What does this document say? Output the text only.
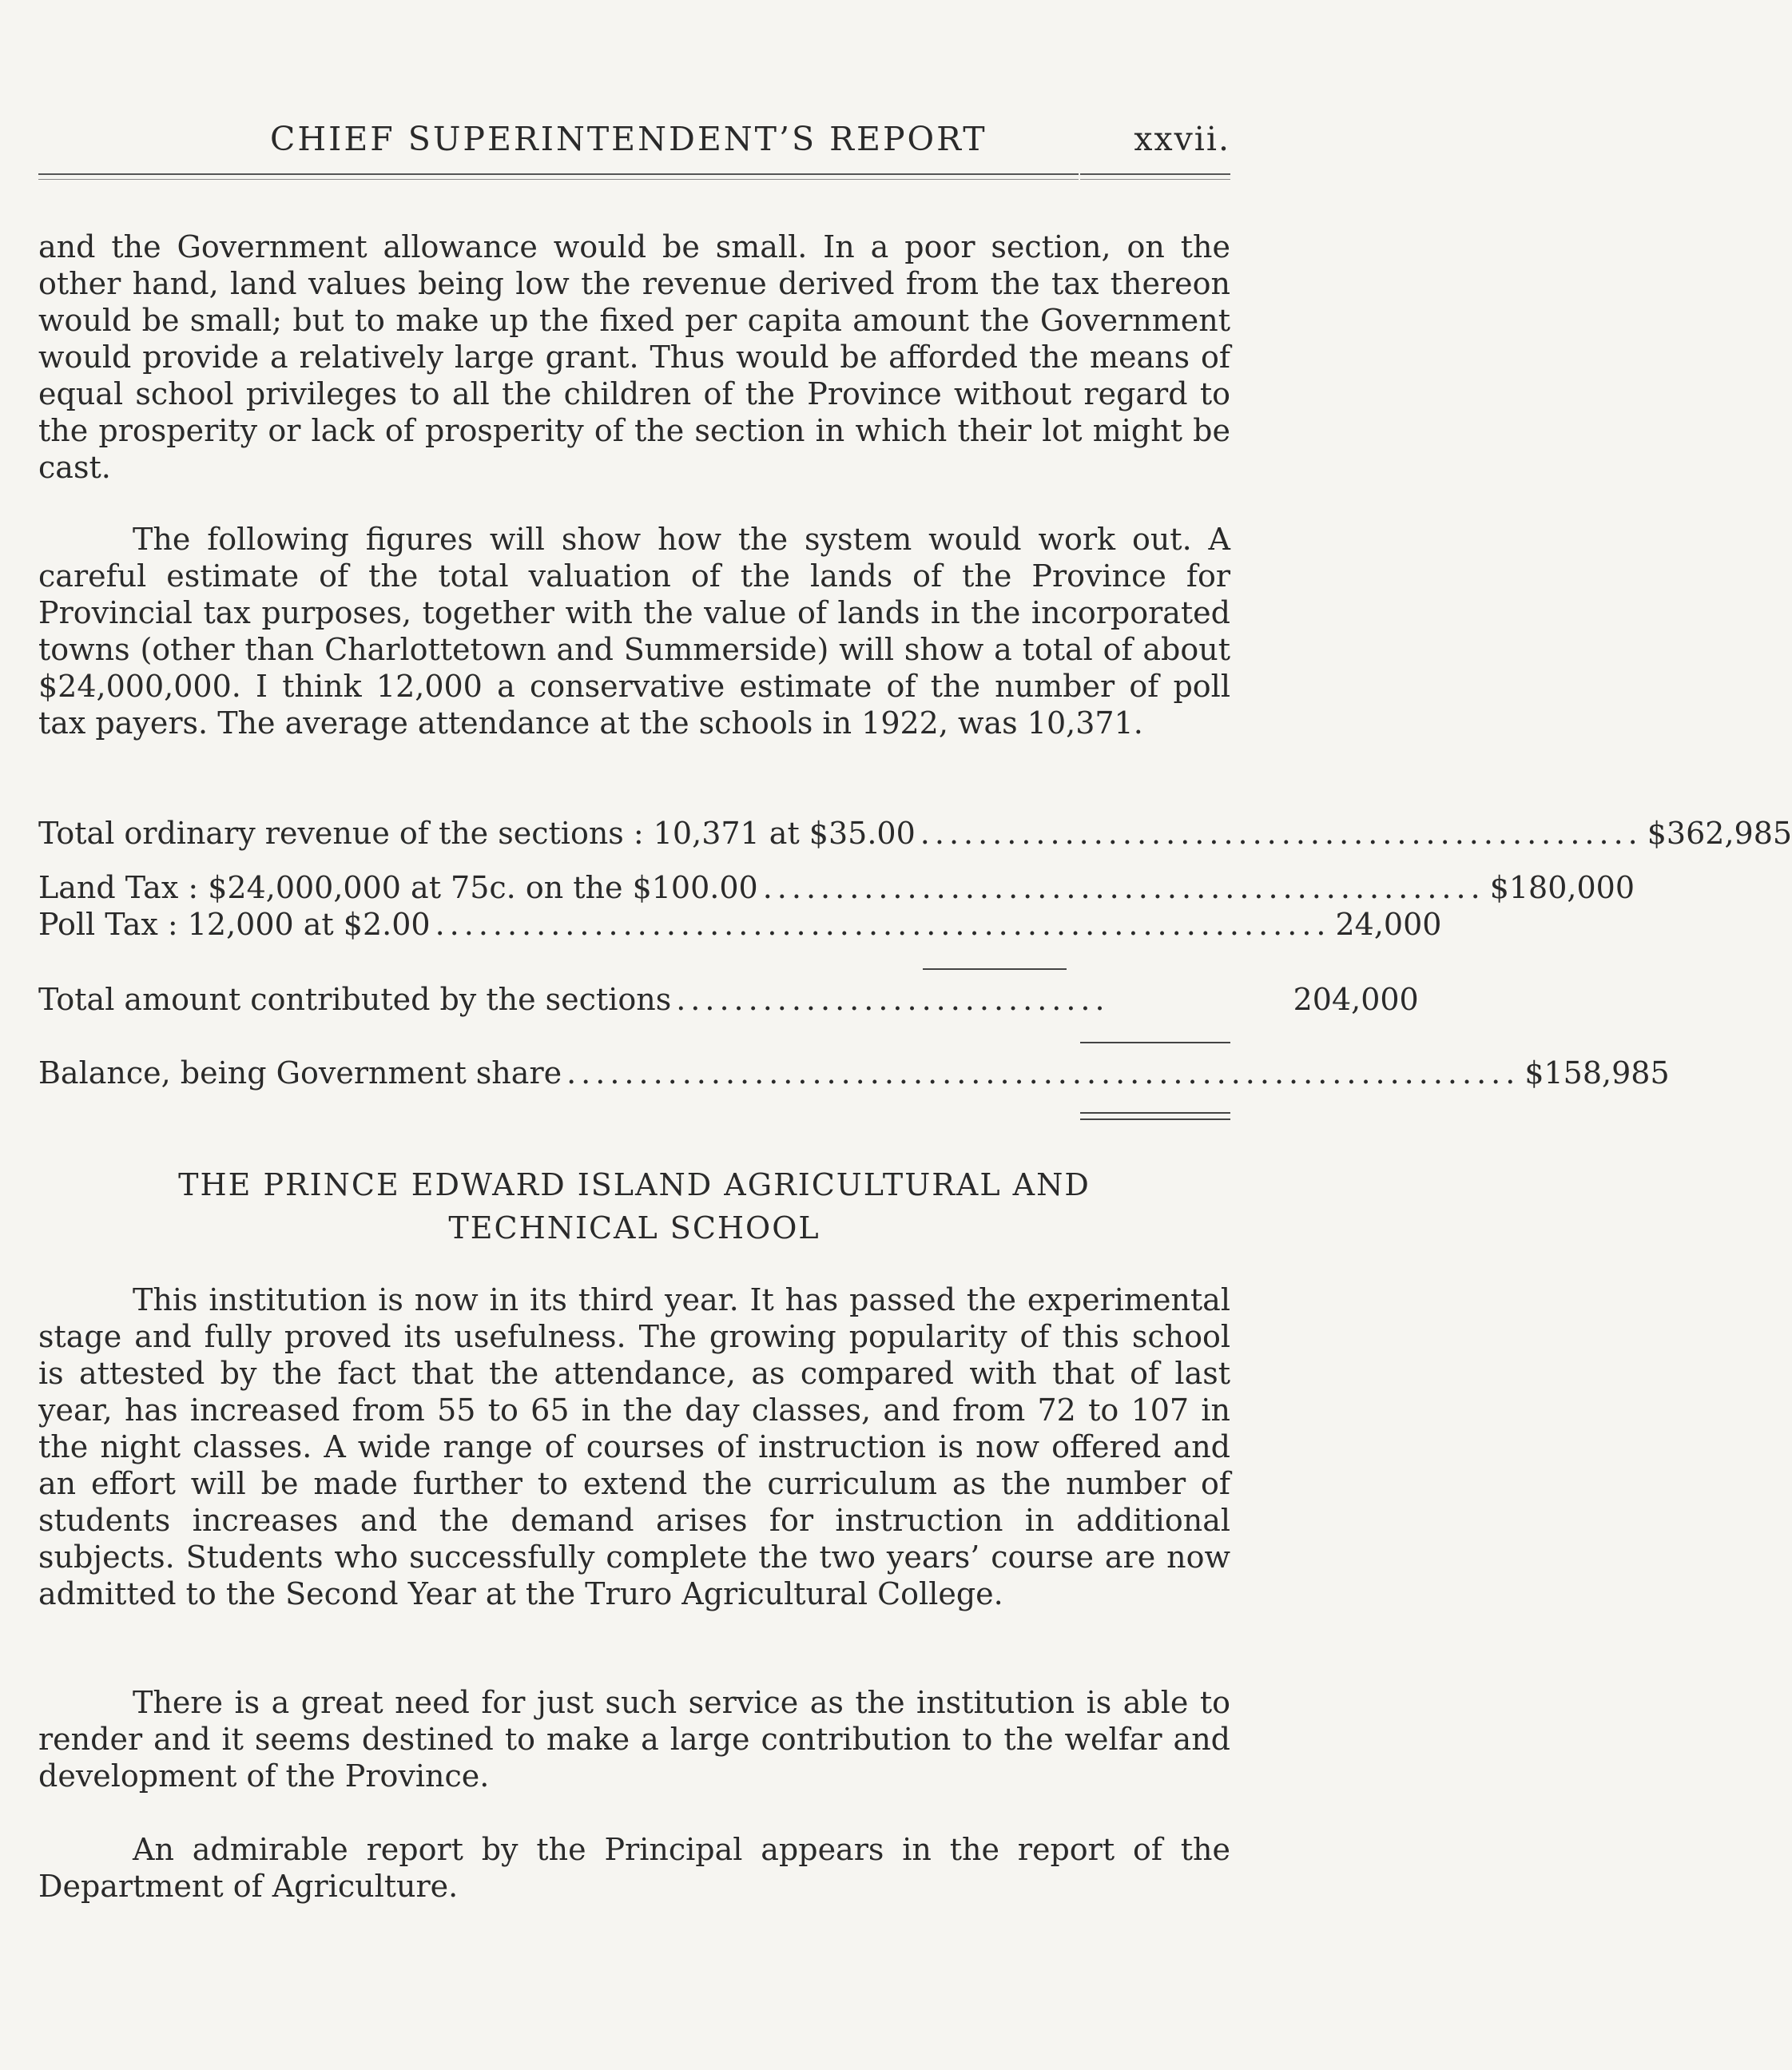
CHIEF SUPERINTENDENT’S REPORT	xxvii.

and the Government allowance would be small. In a poor section, on the other hand, land values being low the revenue derived from the tax thereon would be small; but to make up the fixed per capita amount the Government would provide a relatively large grant. Thus would be afforded the means of equal school privileges to all the children of the Province without regard to the prosperity or lack of prosperity of the section in which their lot might be cast.

The following figures will show how the system would work out. A careful estimate of the total valuation of the lands of the Province for Provincial tax purposes, together with the value of lands in the incorporated towns (other than Charlottetown and Summerside) will show a total of about $24,000,000. I think 12,000 a conservative estimate of the number of poll tax payers. The average attendance at the schools in 1922, was 10,371.

Total ordinary revenue of the sections : 10,371 at $35.00 .................................................. $362,985
Land Tax : $24,000,000 at 75c. on the $100.00 .................................................. $180,000
Poll Tax : 12,000 at $2.00 .............................................................. 24,000
Total amount contributed by the sections ..............................	204,000
Balance, being Government share .................................................................. $158,985
THE PRINCE EDWARD ISLAND AGRICULTURAL AND
TECHNICAL SCHOOL

This institution is now in its third year. It has passed the experimental stage and fully proved its usefulness. The growing popularity of this school is attested by the fact that the attendance, as compared with that of last year, has increased from 55 to 65 in the day classes, and from 72 to 107 in the night classes. A wide range of courses of instruction is now offered and an effort will be made further to extend the curriculum as the number of students increases and the demand arises for instruction in additional subjects. Students who successfully complete the two years’ course are now admitted to the Second Year at the Truro Agricultural College.

There is a great need for just such service as the institution is able to render and it seems destined to make a large contribution to the welfar and development of the Province.

An admirable report by the Principal appears in the report of the Department of Agriculture.
